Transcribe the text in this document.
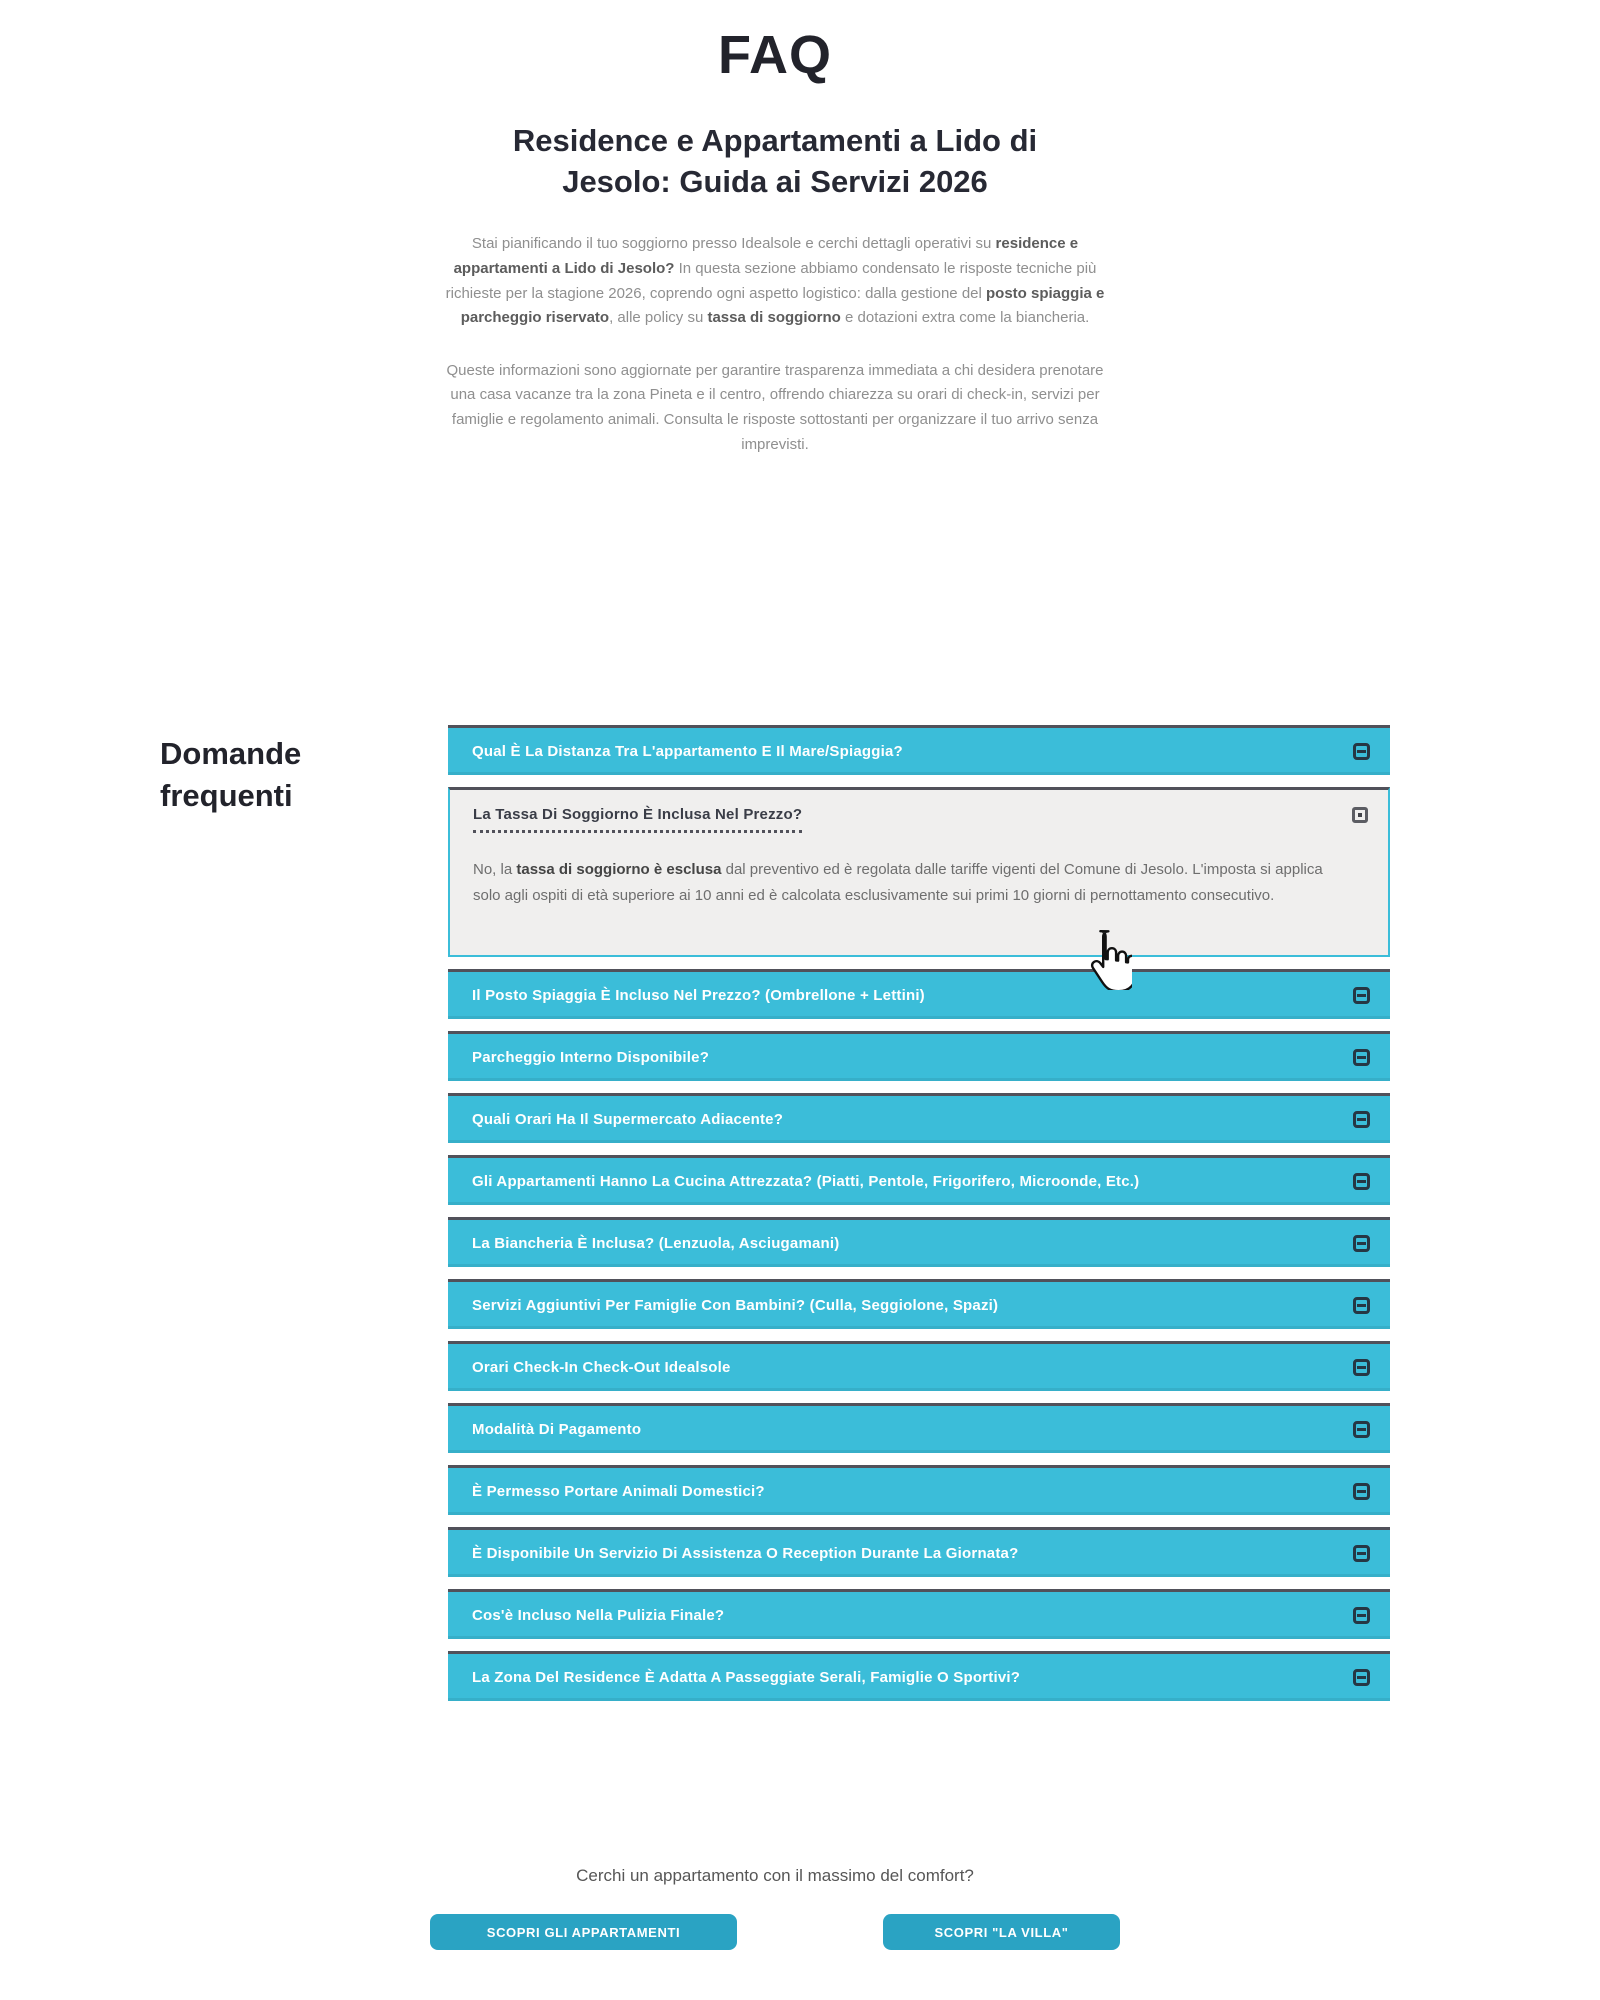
FAQ
Residence e Appartamenti a Lido di Jesolo: Guida ai Servizi 2026

Stai pianificando il tuo soggiorno presso Idealsole e cerchi dettagli operativi su residence e appartamenti a Lido di Jesolo? In questa sezione abbiamo condensato le risposte tecniche più richieste per la stagione 2026, coprendo ogni aspetto logistico: dalla gestione del posto spiaggia e parcheggio riservato, alle policy su tassa di soggiorno e dotazioni extra come la biancheria.

Queste informazioni sono aggiornate per garantire trasparenza immediata a chi desidera prenotare una casa vacanze tra la zona Pineta e il centro, offrendo chiarezza su orari di check-in, servizi per famiglie e regolamento animali. Consulta le risposte sottostanti per organizzare il tuo arrivo senza imprevisti.

Domande frequenti
Qual È La Distanza Tra L'appartamento E Il Mare/Spiaggia?
La Tassa Di Soggiorno È Inclusa Nel Prezzo?
No, la tassa di soggiorno è esclusa dal preventivo ed è regolata dalle tariffe vigenti del Comune di Jesolo. L'imposta si applica solo agli ospiti di età superiore ai 10 anni ed è calcolata esclusivamente sui primi 10 giorni di pernottamento consecutivo.
Il Posto Spiaggia È Incluso Nel Prezzo? (Ombrellone + Lettini)
Parcheggio Interno Disponibile?
Quali Orari Ha Il Supermercato Adiacente?
Gli Appartamenti Hanno La Cucina Attrezzata? (Piatti, Pentole, Frigorifero, Microonde, Etc.)
La Biancheria È Inclusa? (Lenzuola, Asciugamani)
Servizi Aggiuntivi Per Famiglie Con Bambini? (Culla, Seggiolone, Spazi)
Orari Check-In Check-Out Idealsole
Modalità Di Pagamento
È Permesso Portare Animali Domestici?
È Disponibile Un Servizio Di Assistenza O Reception Durante La Giornata?
Cos'è Incluso Nella Pulizia Finale?
La Zona Del Residence È Adatta A Passeggiate Serali, Famiglie O Sportivi?

Cerchi un appartamento con il massimo del comfort?

SCOPRI GLI APPARTAMENTI	SCOPRI "LA VILLA"
